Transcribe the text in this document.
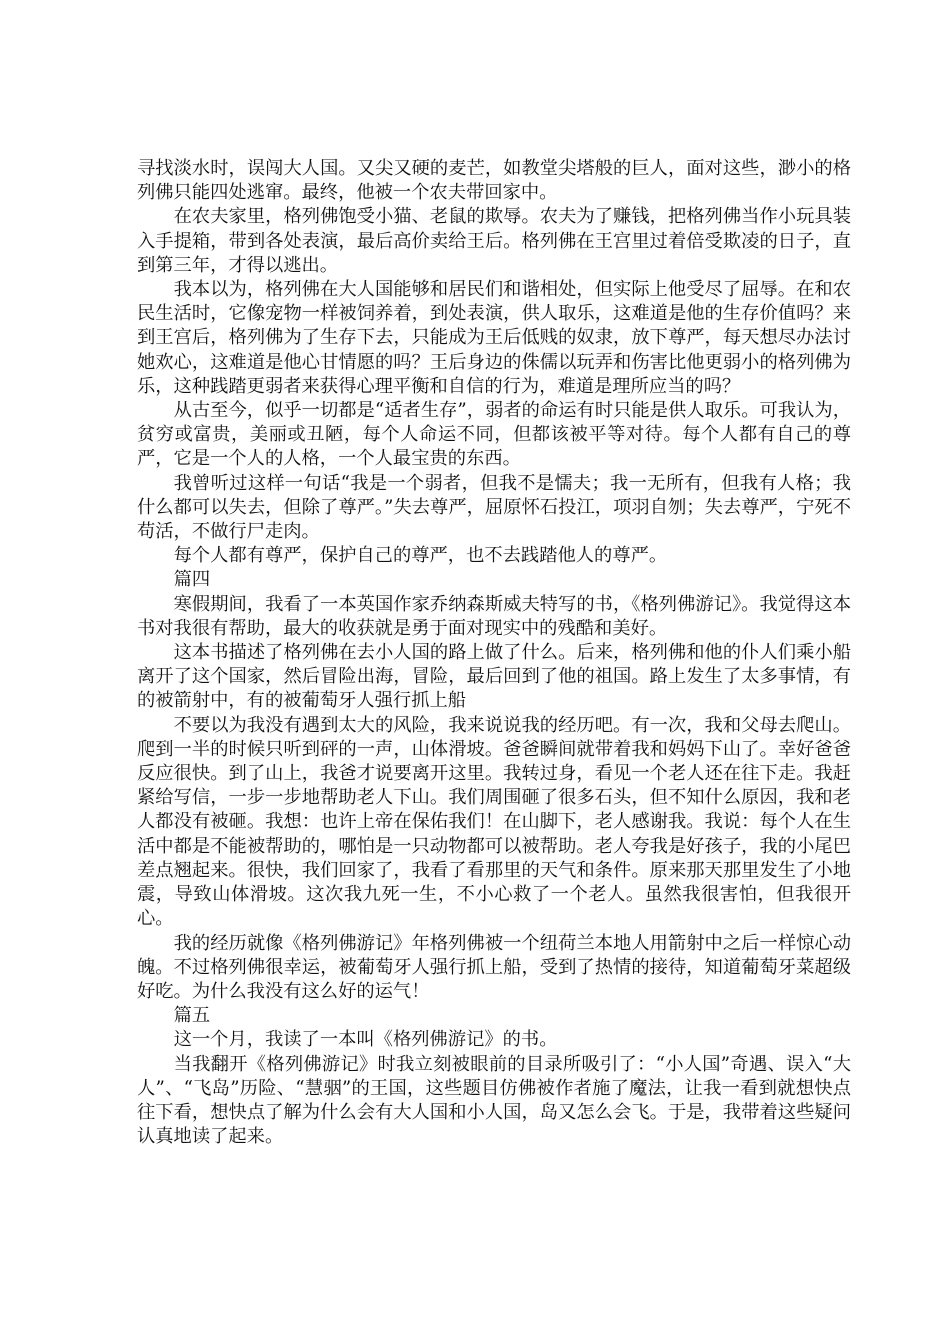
寻找淡水时，误闯大人国。又尖又硬的麦芒，如教堂尖塔般的巨人，面对这些，渺小的格列佛只能四处逃窜。最终，他被一个农夫带回家中。

在农夫家里，格列佛饱受小猫、老鼠的欺辱。农夫为了赚钱，把格列佛当作小玩具装入手提箱，带到各处表演，最后高价卖给王后。格列佛在王宫里过着倍受欺凌的日子，直到第三年，才得以逃出。

我本以为，格列佛在大人国能够和居民们和谐相处，但实际上他受尽了屈辱。在和农民生活时，它像宠物一样被饲养着，到处表演，供人取乐，这难道是他的生存价值吗？来到王宫后，格列佛为了生存下去，只能成为王后低贱的奴隶，放下尊严，每天想尽办法讨她欢心，这难道是他心甘情愿的吗？王后身边的侏儒以玩弄和伤害比他更弱小的格列佛为乐，这种践踏更弱者来获得心理平衡和自信的行为，难道是理所应当的吗？

从古至今，似乎一切都是“适者生存”，弱者的命运有时只能是供人取乐。可我认为，贫穷或富贵，美丽或丑陋，每个人命运不同，但都该被平等对待。每个人都有自己的尊严，它是一个人的人格，一个人最宝贵的东西。

我曾听过这样一句话“我是一个弱者，但我不是懦夫；我一无所有，但我有人格；我什么都可以失去，但除了尊严。”失去尊严，屈原怀石投江，项羽自刎；失去尊严，宁死不苟活，不做行尸走肉。

每个人都有尊严，保护自己的尊严，也不去践踏他人的尊严。

篇四

寒假期间，我看了一本英国作家乔纳森斯威夫特写的书，《格列佛游记》。我觉得这本书对我很有帮助，最大的收获就是勇于面对现实中的残酷和美好。

这本书描述了格列佛在去小人国的路上做了什么。后来，格列佛和他的仆人们乘小船离开了这个国家，然后冒险出海，冒险，最后回到了他的祖国。路上发生了太多事情，有的被箭射中，有的被葡萄牙人强行抓上船

不要以为我没有遇到太大的风险，我来说说我的经历吧。有一次，我和父母去爬山。爬到一半的时候只听到砰的一声，山体滑坡。爸爸瞬间就带着我和妈妈下山了。幸好爸爸反应很快。到了山上，我爸才说要离开这里。我转过身，看见一个老人还在往下走。我赶紧给写信，一步一步地帮助老人下山。我们周围砸了很多石头，但不知什么原因，我和老人都没有被砸。我想：也许上帝在保佑我们！在山脚下，老人感谢我。我说：每个人在生活中都是不能被帮助的，哪怕是一只动物都可以被帮助。老人夸我是好孩子，我的小尾巴差点翘起来。很快，我们回家了，我看了看那里的天气和条件。原来那天那里发生了小地震，导致山体滑坡。这次我九死一生，不小心救了一个老人。虽然我很害怕，但我很开心。

我的经历就像《格列佛游记》年格列佛被一个纽荷兰本地人用箭射中之后一样惊心动魄。不过格列佛很幸运，被葡萄牙人强行抓上船，受到了热情的接待，知道葡萄牙菜超级好吃。为什么我没有这么好的运气！

篇五

这一个月，我读了一本叫《格列佛游记》的书。

当我翻开《格列佛游记》时我立刻被眼前的目录所吸引了：“小人国”奇遇、误入“大人”、“飞岛”历险、“慧骃”的王国，这些题目仿佛被作者施了魔法，让我一看到就想快点往下看，想快点了解为什么会有大人国和小人国，岛又怎么会飞。于是，我带着这些疑问认真地读了起来。
